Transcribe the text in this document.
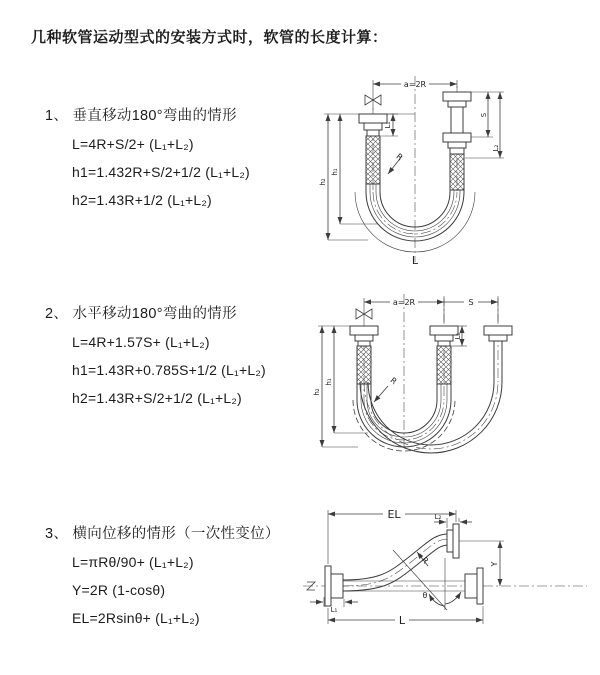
几种软管运动型式的安装方式时，软管的长度计算：
1、 垂直移动180°弯曲的情形

L=4R+S/2+ (L₁+L₂)

h1=1.432R+S/2+1/2 (L₁+L₂)

h2=1.43R+1/2 (L₁+L₂)

2、 水平移动180°弯曲的情形

L=4R+1.57S+ (L₁+L₂)

h1=1.43R+0.785S+1/2 (L₁+L₂)

h2=1.43R+S/2+1/2 (L₁+L₂)

3、 横向位移的情形（一次性变位）

L=πRθ/90+ (L₁+L₂)

Y=2R (1-cosθ)

EL=2Rsinθ+ (L₁+L₂)

a=2R
L₁
S
L₂
h₂
h₁
R
L
a=2R	S
L₁
h₂
h₁	R
EL	L₂
Y
R
θ
L
L₁
